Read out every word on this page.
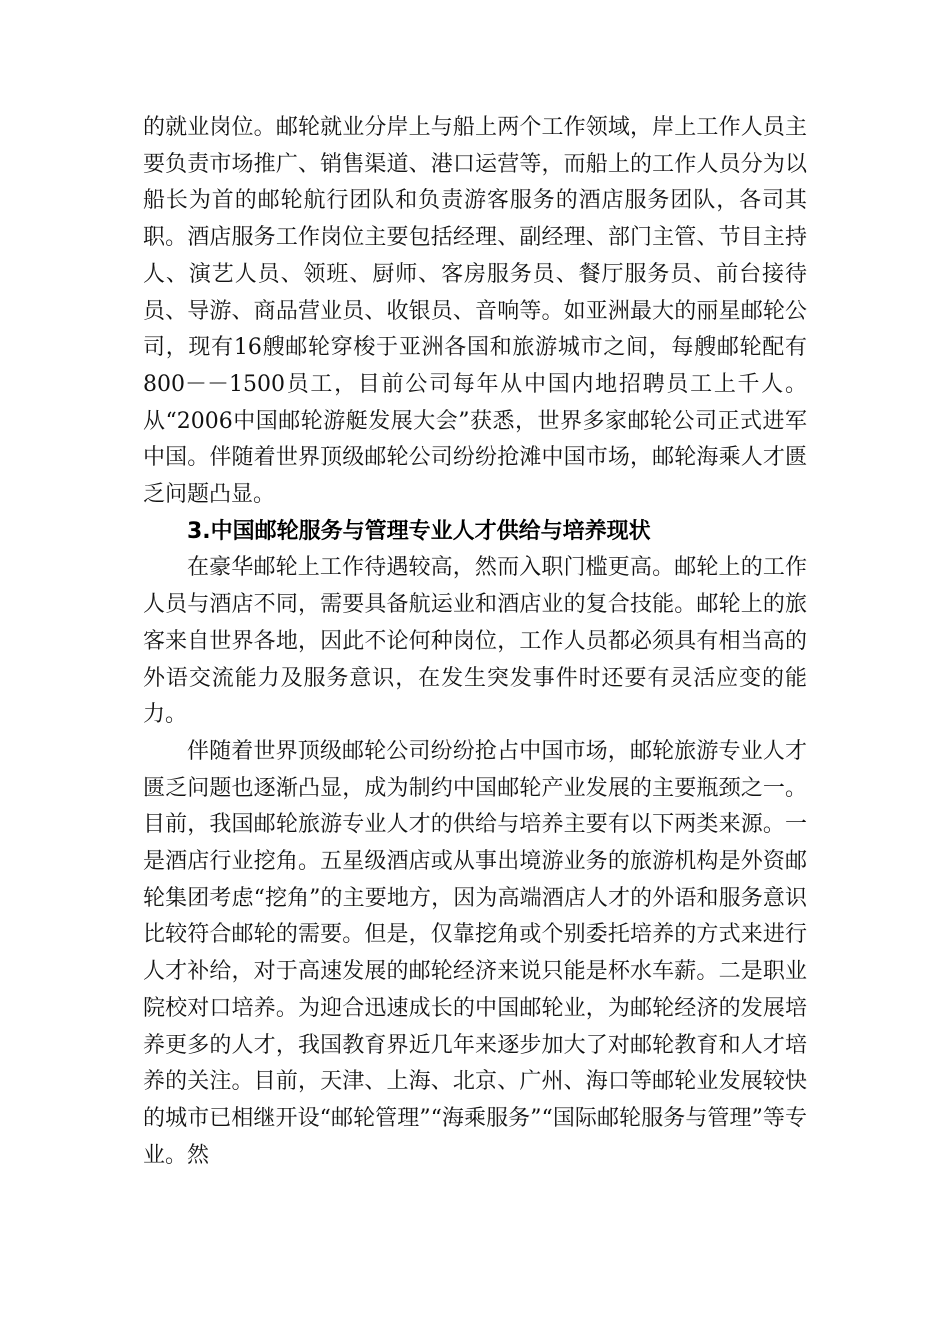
的就业岗位。邮轮就业分岸上与船上两个工作领域，岸上工作人员主要负责市场推广、销售渠道、港口运营等，而船上的工作人员分为以船长为首的邮轮航行团队和负责游客服务的酒店服务团队，各司其职。酒店服务工作岗位主要包括经理、副经理、部门主管、节目主持人、演艺人员、领班、厨师、客房服务员、餐厅服务员、前台接待员、导游、商品营业员、收银员、音响等。如亚洲最大的丽星邮轮公司，现有16艘邮轮穿梭于亚洲各国和旅游城市之间，每艘邮轮配有800－－1500员工，目前公司每年从中国内地招聘员工上千人。从“2006中国邮轮游艇发展大会”获悉，世界多家邮轮公司正式进军中国。伴随着世界顶级邮轮公司纷纷抢滩中国市场，邮轮海乘人才匮乏问题凸显。

3.中国邮轮服务与管理专业人才供给与培养现状

在豪华邮轮上工作待遇较高，然而入职门槛更高。邮轮上的工作人员与酒店不同，需要具备航运业和酒店业的复合技能。邮轮上的旅客来自世界各地，因此不论何种岗位，工作人员都必须具有相当高的外语交流能力及服务意识，在发生突发事件时还要有灵活应变的能力。

伴随着世界顶级邮轮公司纷纷抢占中国市场，邮轮旅游专业人才匮乏问题也逐渐凸显，成为制约中国邮轮产业发展的主要瓶颈之一。目前，我国邮轮旅游专业人才的供给与培养主要有以下两类来源。一是酒店行业挖角。五星级酒店或从事出境游业务的旅游机构是外资邮轮集团考虑“挖角”的主要地方，因为高端酒店人才的外语和服务意识比较符合邮轮的需要。但是，仅靠挖角或个别委托培养的方式来进行人才补给，对于高速发展的邮轮经济来说只能是杯水车薪。二是职业院校对口培养。为迎合迅速成长的中国邮轮业，为邮轮经济的发展培养更多的人才，我国教育界近几年来逐步加大了对邮轮教育和人才培养的关注。目前，天津、上海、北京、广州、海口等邮轮业发展较快的城市已相继开设“邮轮管理”“海乘服务”“国际邮轮服务与管理”等专业。然
